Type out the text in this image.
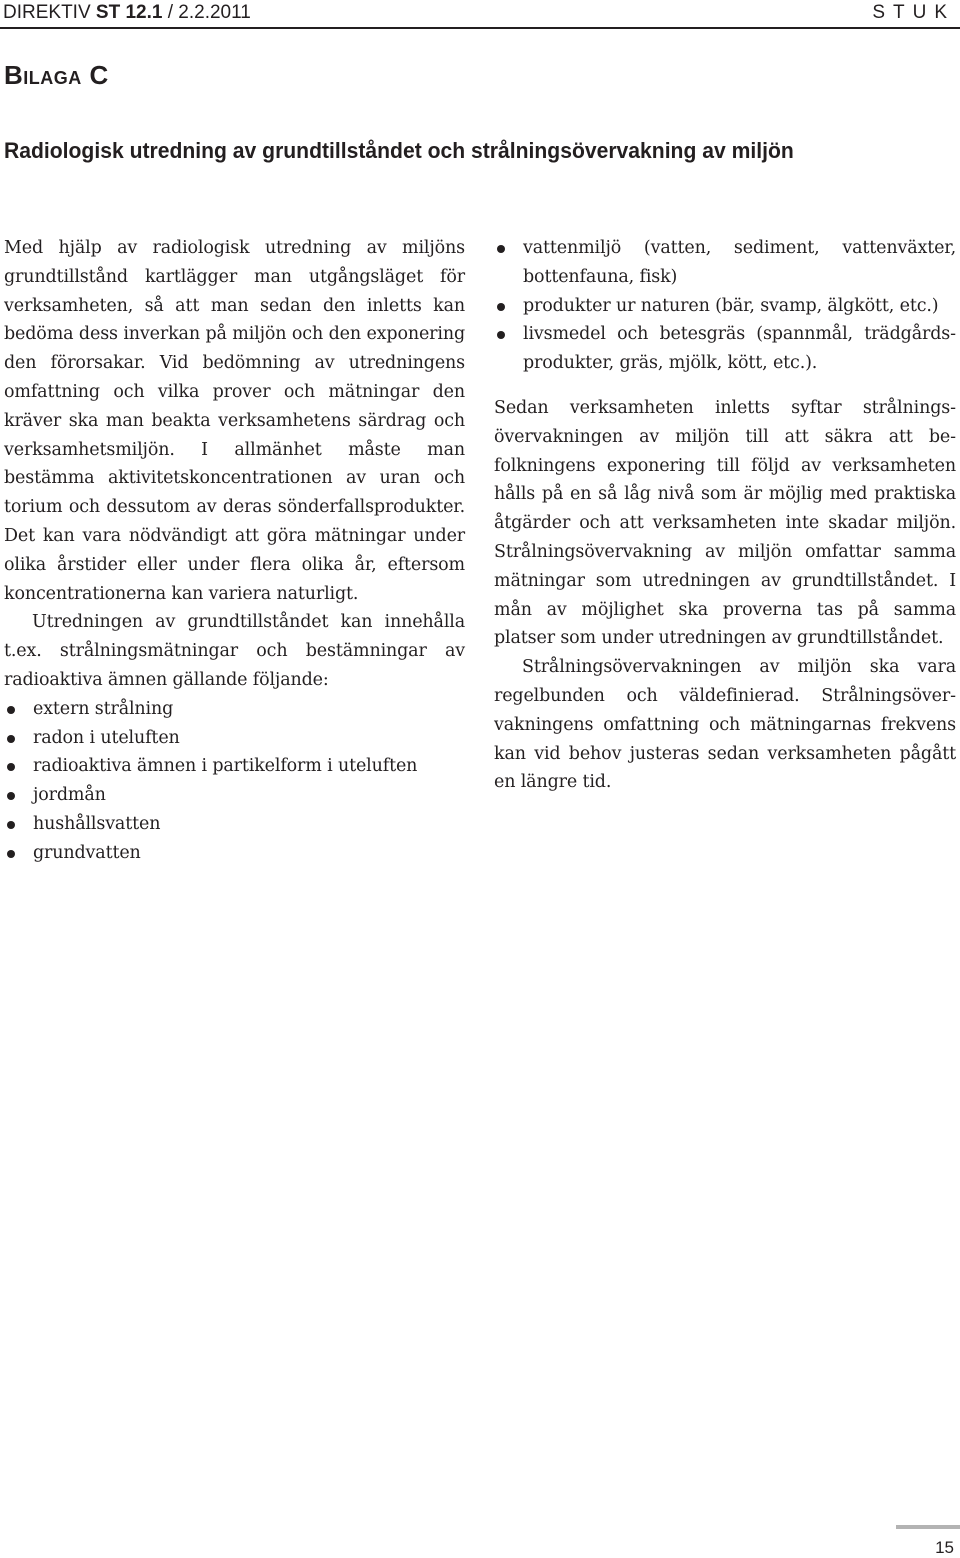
DIREKTIV ST 12.1 / 2.2.2011	STUK
Bilaga C
Radiologisk utredning av grundtillståndet och strålningsövervakning av miljön

Med hjälp av radiologisk utredning av miljöns grundtillstånd kartlägger man utgångsläget för verksamheten, så att man sedan den inletts kan bedöma dess inverkan på miljön och den exponering den förorsakar. Vid bedömning av utredningens omfattning och vilka prover och mätningar den kräver ska man beakta verksamhetens särdrag och verksamhetsmiljön. I allmänhet måste man bestämma aktivitetskoncentrationen av uran och torium och dessutom av deras sönderfallsprodukter. Det kan vara nödvändigt att göra mätningar under olika årstider eller under flera olika år, eftersom koncentrationerna kan variera naturligt.

Utredningen av grundtillståndet kan innehålla t.ex. strålningsmätningar och bestämningar av radioaktiva ämnen gällande följande:

extern strålning
radon i uteluften
radioaktiva ämnen i partikelform i uteluften
jordmån
hushållsvatten
grundvatten
vattenmiljö (vatten, sediment, vattenväxter, bottenfauna, fisk)
produkter ur naturen (bär, svamp, älgkött, etc.)
livsmedel och betesgräs (spannmål, trädgårdsprodukter, gräs, mjölk, kött, etc.).

Sedan verksamheten inletts syftar strålningsövervakningen av miljön till att säkra att befolkningens exponering till följd av verksamheten hålls på en så låg nivå som är möjlig med praktiska åtgärder och att verksamheten inte skadar miljön. Strålningsövervakning av miljön omfattar samma mätningar som utredningen av grundtillståndet. I mån av möjlighet ska proverna tas på samma platser som under utredningen av grundtillståndet.

Strålningsövervakningen av miljön ska vara regelbunden och väldefinierad. Strålningsövervakningens omfattning och mätningarnas frekvens kan vid behov justeras sedan verksamheten pågått en längre tid.

15
